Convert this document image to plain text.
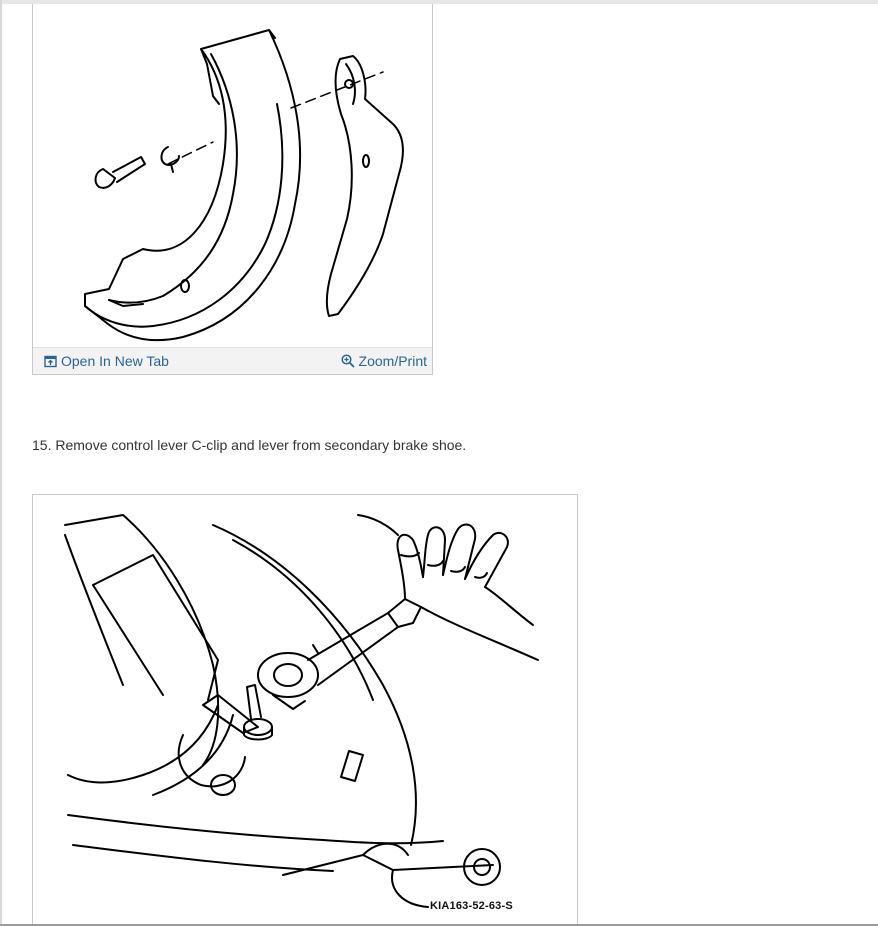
Open In New Tab	Zoom/Print
15. Remove control lever C-clip and lever from secondary brake shoe.
KIA163-52-63-S
